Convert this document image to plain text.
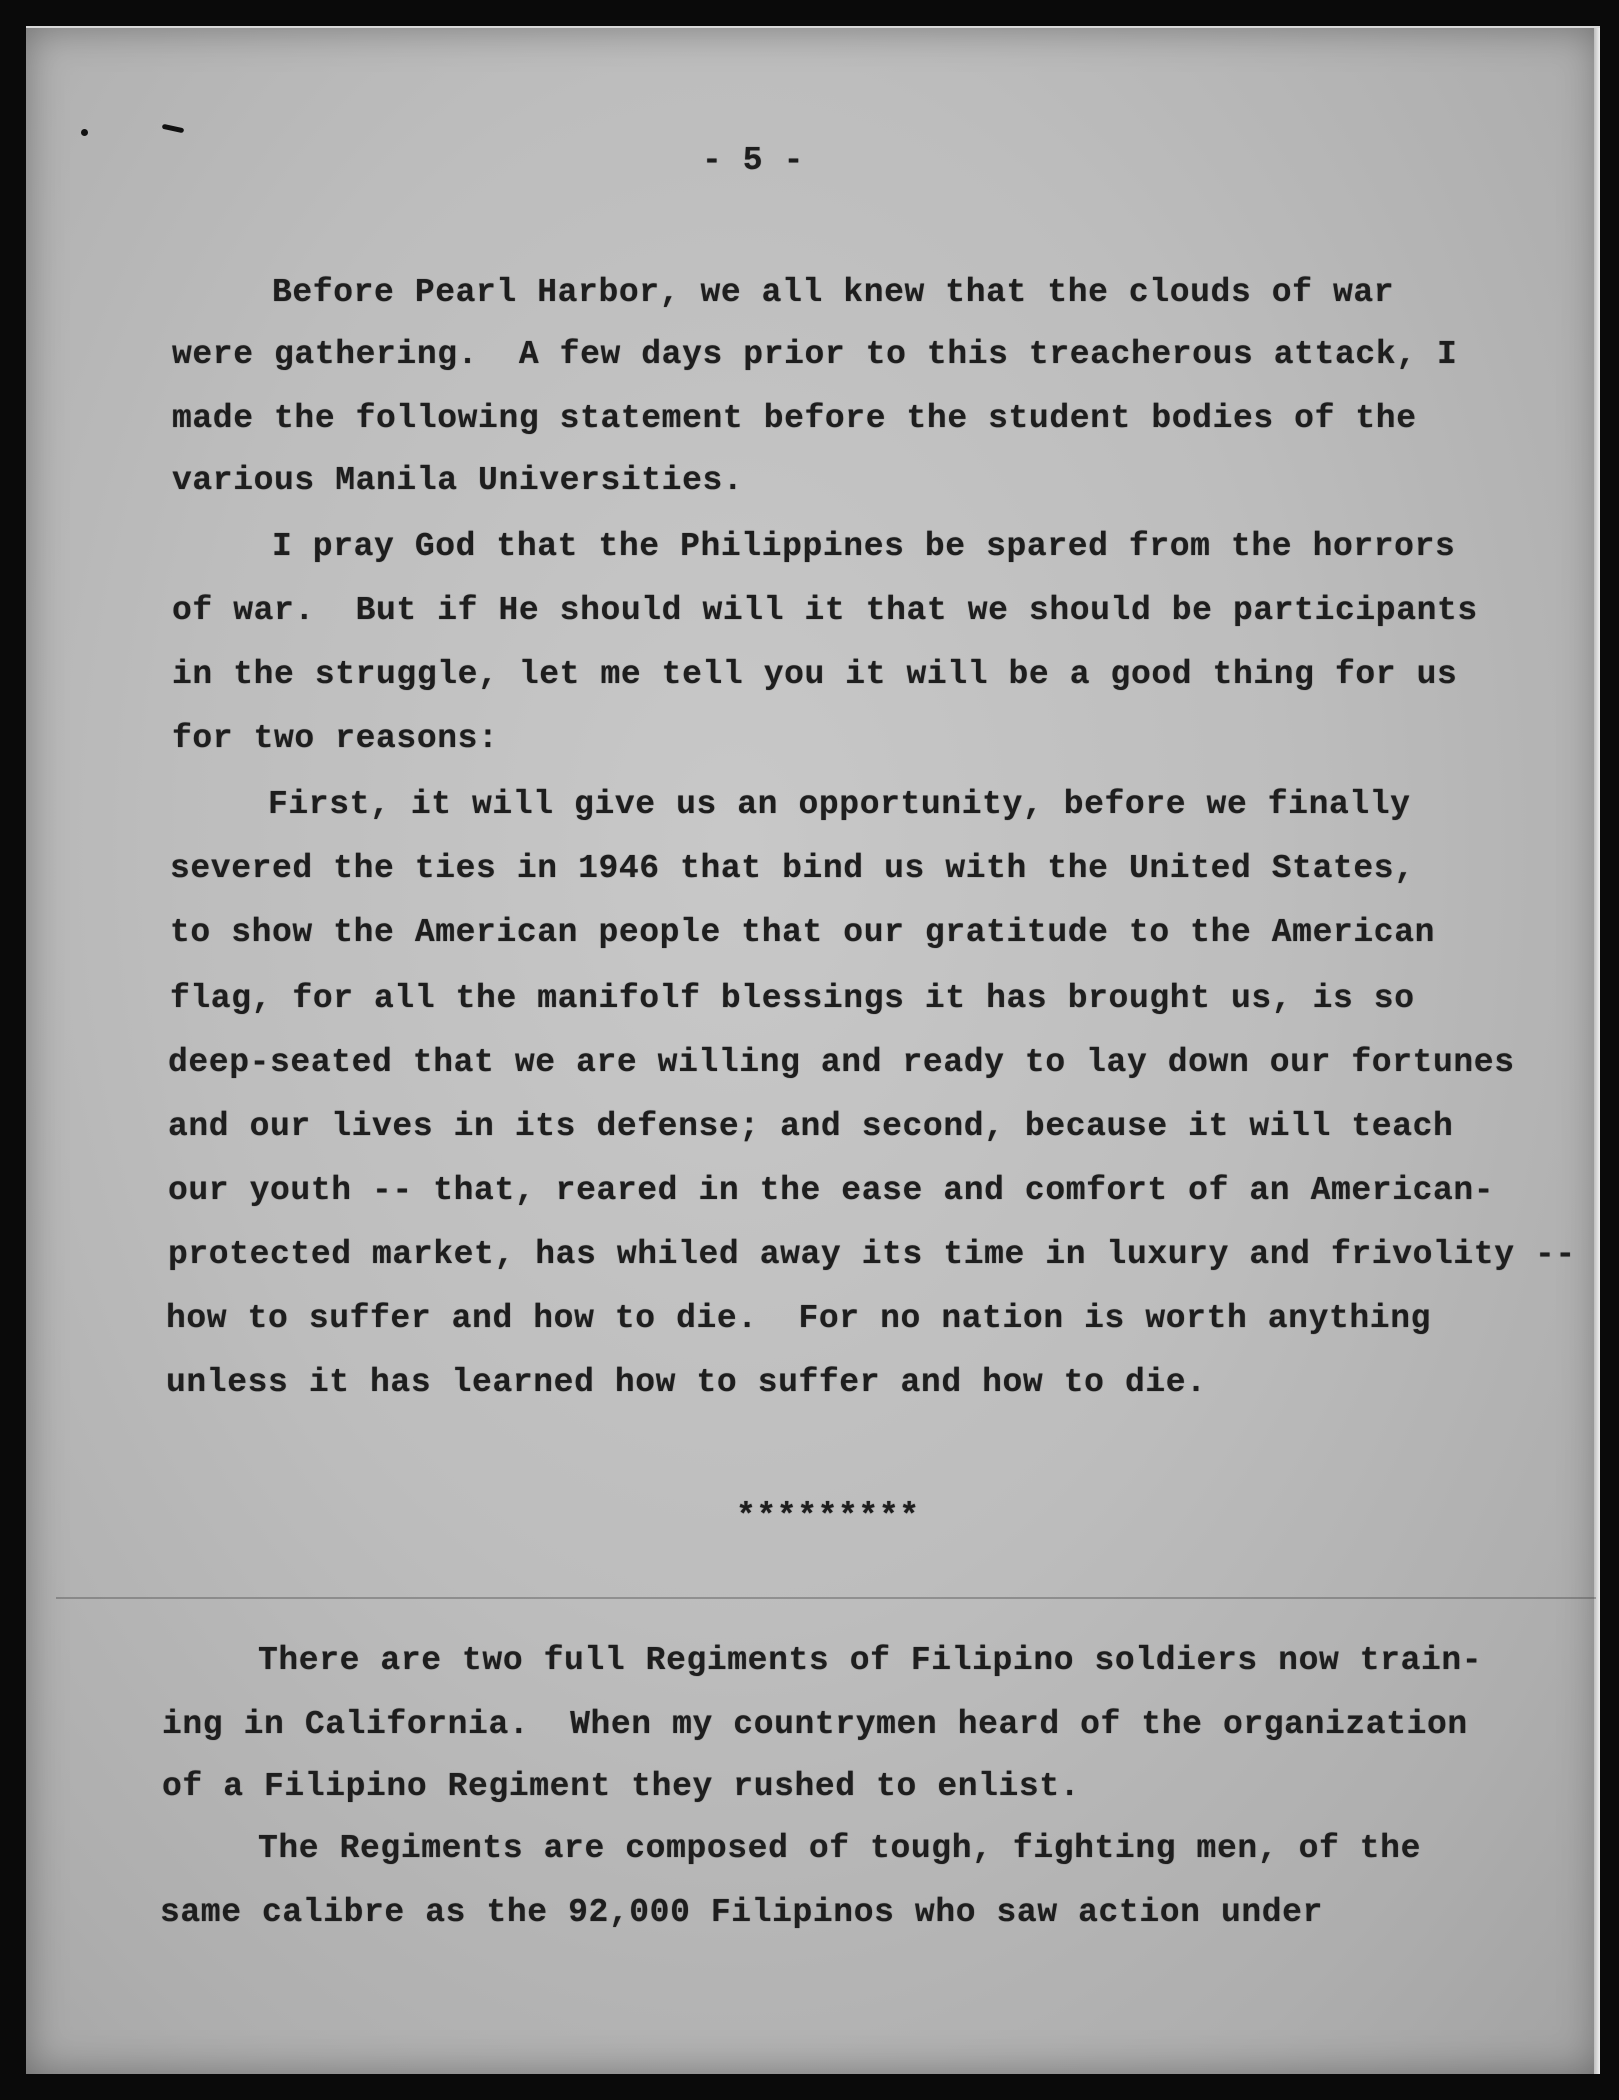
- 5 -
Before Pearl Harbor, we all knew that the clouds of war
were gathering.  A few days prior to this treacherous attack, I
made the following statement before the student bodies of the
various Manila Universities.
I pray God that the Philippines be spared from the horrors
of war.  But if He should will it that we should be participants
in the struggle, let me tell you it will be a good thing for us
for two reasons:
First, it will give us an opportunity, before we finally
severed the ties in 1946 that bind us with the United States,
to show the American people that our gratitude to the American
flag, for all the manifolf blessings it has brought us, is so
deep-seated that we are willing and ready to lay down our fortunes
and our lives in its defense; and second, because it will teach
our youth -- that, reared in the ease and comfort of an American-
protected market, has whiled away its time in luxury and frivolity --
how to suffer and how to die.  For no nation is worth anything
unless it has learned how to suffer and how to die.
*********
There are two full Regiments of Filipino soldiers now train-
ing in California.  When my countrymen heard of the organization
of a Filipino Regiment they rushed to enlist.
The Regiments are composed of tough, fighting men, of the
same calibre as the 92,000 Filipinos who saw action under
